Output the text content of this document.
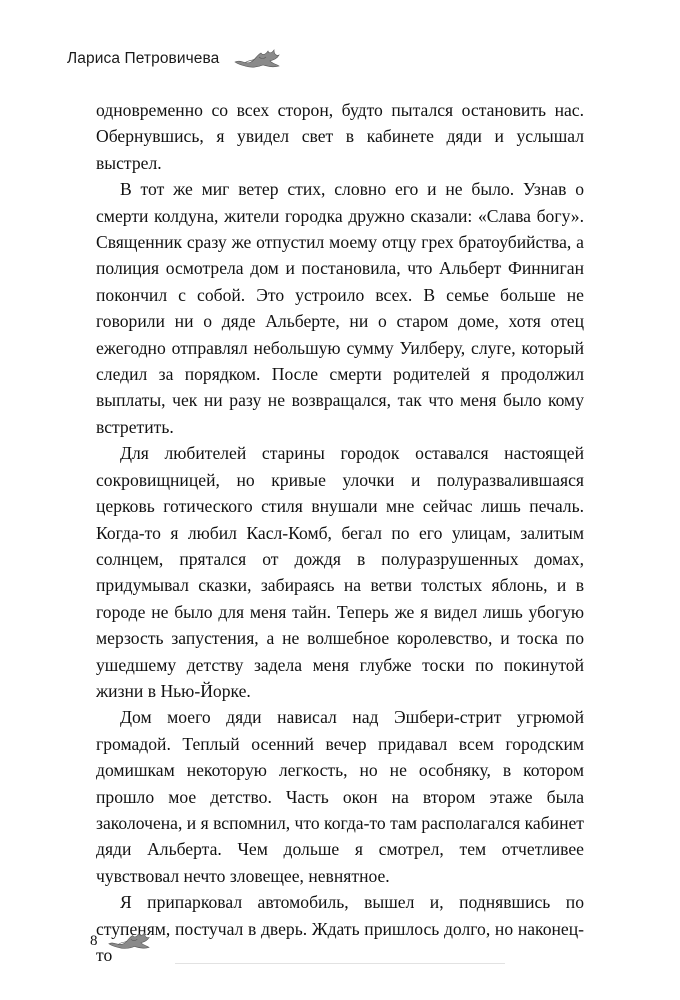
Лариса Петровичева

одновременно со всех сторон, будто пытался остановить нас. Обернувшись, я увидел свет в кабинете дяди и услышал выстрел.

В тот же миг ветер стих, словно его и не было. Узнав о смерти колдуна, жители городка дружно сказали: «Слава богу». Священник сразу же отпустил моему отцу грех братоубийства, а полиция осмотрела дом и постановила, что Альберт Финниган покончил с собой. Это устроило всех. В семье больше не говорили ни о дяде Альберте, ни о старом доме, хотя отец ежегодно отправлял небольшую сумму Уилберу, слуге, который следил за порядком. После смерти родителей я продолжил выплаты, чек ни разу не возвращался, так что меня было кому встретить.

Для любителей старины городок оставался настоящей сокровищницей, но кривые улочки и полуразвалившаяся церковь готического стиля внушали мне сейчас лишь печаль. Когда-то я любил Касл-Комб, бегал по его улицам, залитым солнцем, прятался от дождя в полуразрушенных домах, придумывал сказки, забираясь на ветви толстых яблонь, и в городе не было для меня тайн. Теперь же я видел лишь убогую мерзость запустения, а не волшебное королевство, и тоска по ушедшему детству задела меня глубже тоски по покинутой жизни в Нью-Йорке.

Дом моего дяди нависал над Эшбери-стрит угрюмой громадой. Теплый осенний вечер придавал всем городским домишкам некоторую легкость, но не особняку, в котором прошло мое детство. Часть окон на втором этаже была заколочена, и я вспомнил, что когда-то там располагался кабинет дяди Альберта. Чем дольше я смотрел, тем отчетливее чувствовал нечто зловещее, невнятное.

Я припарковал автомобиль, вышел и, поднявшись по ступеням, постучал в дверь. Ждать пришлось долго, но наконец-то

8
